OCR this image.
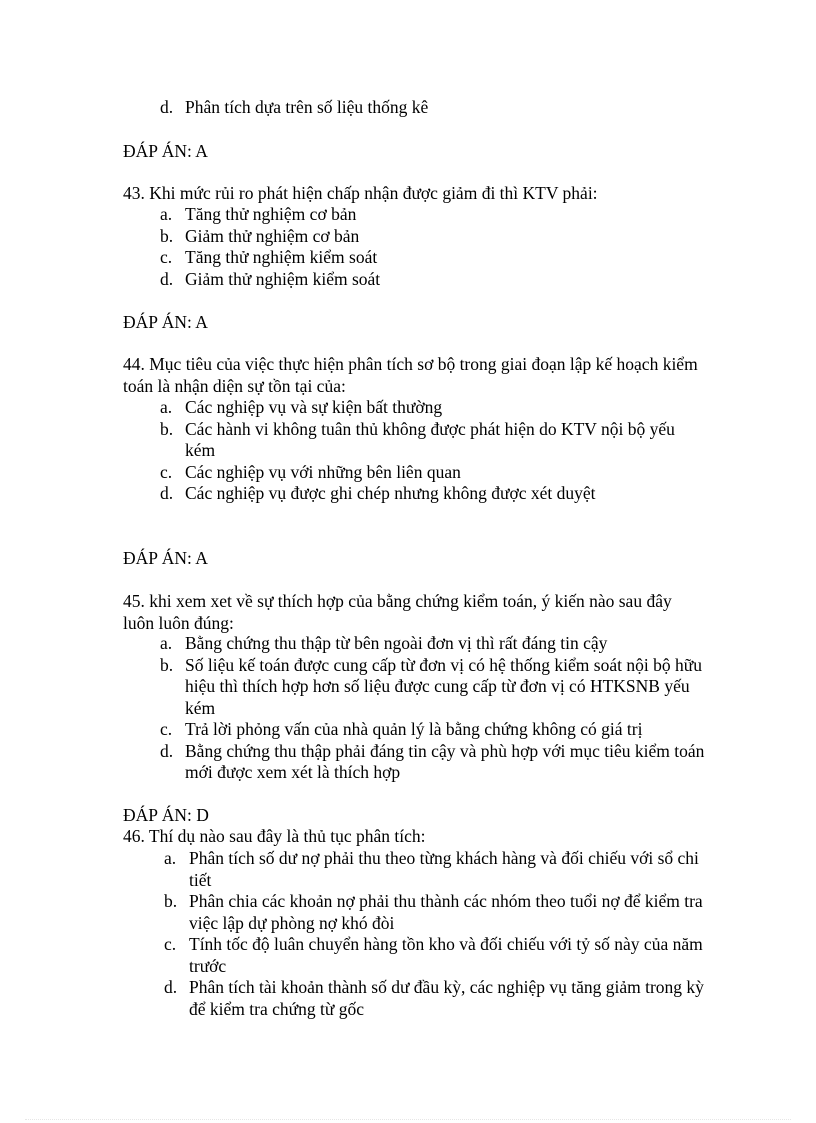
d. Phân tích dựa trên số liệu thống kê
ĐÁP ÁN: A
43. Khi mức rủi ro phát hiện chấp nhận được giảm đi thì KTV phải:
a. Tăng thử nghiệm cơ bản
b. Giảm thử nghiệm cơ bản
c. Tăng thử nghiệm kiểm soát
d. Giảm thử nghiệm kiểm soát
ĐÁP ÁN: A
44. Mục tiêu của việc thực hiện phân tích sơ bộ trong giai đoạn lập kế hoạch kiểm toán là nhận diện sự tồn tại của:
a. Các nghiệp vụ và sự kiện bất thường
b. Các hành vi không tuân thủ không được phát hiện do KTV nội bộ yếu kém
c. Các nghiệp vụ với những bên liên quan
d. Các nghiệp vụ được ghi chép nhưng không được xét duyệt
ĐÁP ÁN: A
45. khi xem xet về sự thích hợp của bằng chứng kiểm toán, ý kiến nào sau đây luôn luôn đúng:
a. Bằng chứng thu thập từ bên ngoài đơn vị thì rất đáng tin cậy
b. Số liệu kế toán được cung cấp từ đơn vị có hệ thống kiểm soát nội bộ hữu hiệu thì thích hợp hơn số liệu được cung cấp từ đơn vị có HTKSNB yếu kém
c. Trả lời phỏng vấn của nhà quản lý là bằng chứng không có giá trị
d. Bằng chứng thu thập phải đáng tin cậy và phù hợp với mục tiêu kiểm toán mới được xem xét là thích hợp
ĐÁP ÁN: D
46. Thí dụ nào sau đây là thủ tục phân tích:
a. Phân tích số dư nợ phải thu theo từng khách hàng và đối chiếu với sổ chi tiết
b. Phân chia các khoản nợ phải thu thành các nhóm theo tuổi nợ để kiểm tra việc lập dự phòng nợ khó đòi
c. Tính tốc độ luân chuyển hàng tồn kho và đối chiếu với tỷ số này của năm trước
d. Phân tích tài khoản thành số dư đầu kỳ, các nghiệp vụ tăng giảm trong kỳ để kiểm tra chứng từ gốc
